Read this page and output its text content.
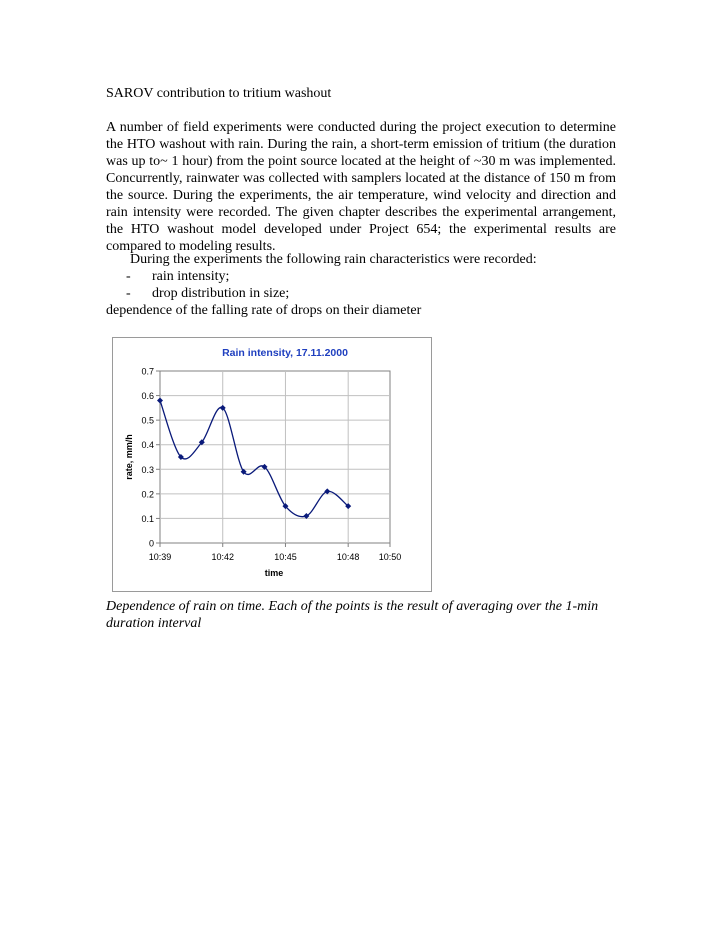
SAROV contribution to tritium washout
A number of field experiments were conducted during the project execution to determine the HTO washout with rain. During the rain, a short-term emission of tritium (the duration was up to~ 1 hour) from the point source located at the height of ~30 m was implemented. Concurrently, rainwater was collected with samplers located at the distance of 150 m from the source. During the experiments, the air temperature, wind velocity and direction and rain intensity were recorded. The given chapter describes the experimental arrangement, the HTO washout model developed under Project 654; the experimental results are compared to modeling results.
During the experiments the following rain characteristics were recorded:
-	rain intensity;
-	drop distribution in size;
dependence of the falling rate of drops on their diameter
0
0.1
0.2
0.3
0.4
0.5
0.6
0.7
10:39	10:42	10:45	10:48 10:50
Rain intensity, 17.11.2000
time
rate, mm/h
Dependence of rain on time. Each of the points is the result of averaging over the 1-min duration interval
